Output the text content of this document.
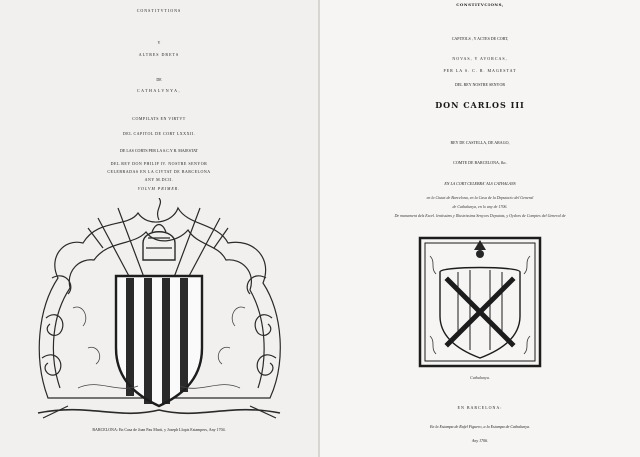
CONSTITVTIONS
Y
ALTRES DRETS
DE
CATHALVNYA,
COMPILATS EN VIRTVT
DEL CAPITOL DE CORT LXXXII.
DE LAS CORTS PER LA S.C.Y R. MAJESTAT
DEL REY DON PHILIP IV. NOSTRE SENYOR
CELEBRADAS EN LA CIVTAT DE BARCELONA
ANY M.DCII.
VOLVM PRIMER.
BARCELONA: En Casa de Joan Pau Marti, y Joseph Llopis Estampers, Any 1704.
CONSTITVCIONS,
CAPITOLS , Y ACTES DE CORT,
NOVAS, Y AVORCAS,
PER LA S. C. R. MAGESTAT
DEL REY NOSTRE SENYOR
DON CARLOS III
REY DE CASTELLA, DE ARAGO,
COMTE DE BARCELONA, &c.
EN LA CORT CELEBRA' ALS CATHALANS
en la Ciutat de Barcelona, en la Casa de la Deputacio del General
de Cathalunya, en lo any de 1706.
De manament dels Excel. lentissims y Illustrissims Senyors Deputats, y Oydors de Comptes del General de
Cathalunya.
EN BARCELONA:
En la Estampa de Rafel Figuero, a la Estampa de Cathalunya.
Any 1706.
